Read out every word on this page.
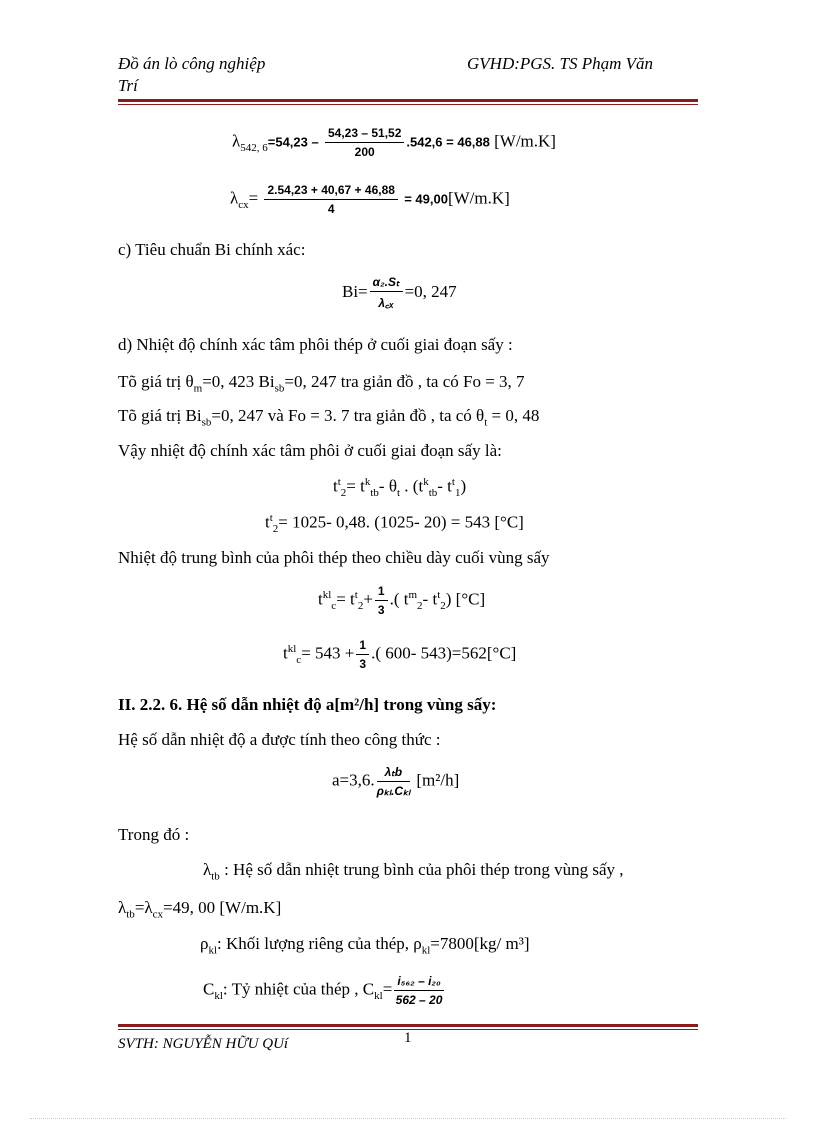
Đồ án lò công nghiệp
Trí
GVHD:PGS. TS Phạm Văn
$\lambda_{542, 6}=54,23 - \frac{54,23 - 51,52}{200} .542,6 = 46,88$ [W/m.K]
$\lambda_{cx}= \frac{2.54,23 + 40,67 + 46,88}{4} = 49,00[W/m.K]$
c) Tiêu chuẩn Bi chính xác:
$Bi= \frac{\text{α₂.Sₜ}}{\text{λ꜀ₓ}} =0$, 247
d) Nhiệt độ chính xác tâm phôi thép ở cuối giai đoạn sấy :
Tõ giá trị $\theta_m=0$, 423 $Bi_{sb}=0$, 247 tra giản đồ , ta có Fo = 3, 7
Tõ giá trị $Bi_{sb}=0$, 247 và Fo = 3. 7 tra giản đồ , ta có $\theta_t = 0$, 48
Vậy nhiệt độ chính xác tâm phôi ở cuối giai đoạn sấy là:
$t^t_2= t^k_{tb}-$ $\theta_t$ . ($t^k_{tb}-$ $t^t_1$)
$t^t_2= 1025-$ 0,48. (1025- 20) = 543 [°C]
Nhiệt độ trung bình của phôi thép theo chiều dày cuối vùng sấy
$t^{kl}_c= t^t_2+ \frac{1}{3}$ .( $t^m_2-$ $t^t_2$) [°C]
$t^{kl}_c= 543 + \frac{1}{3}$ .( 600- 543)=562[°C]
II. 2.2. 6. Hệ số dẫn nhiệt độ a[m²/h] trong vùng sấy:
Hệ số dẫn nhiệt độ a được tính theo công thức :
a=3,6. $\frac{\text{λₜb}}{\text{ρₖₗ.Cₖₗ}} [m^2/h]$
Trong đó :
$\lambda_{tb}$ : Hệ số dẫn nhiệt trung bình của phôi thép trong vùng sấy ,
$\lambda_{tb}=\lambda_{cx}=49$, 00 [W/m.K]
$\rho_{kl}$: Khối lượng riêng của thép, $\rho_{kl}=7800[kg/$ m³]
$C_{kl}$: Tỷ nhiệt của thép , $C_{kl}= \frac{\text{i₅₆₂ – i₂₀}}{562 - 20}$
SVTH: NGUYỄN HỮU QUí	1
